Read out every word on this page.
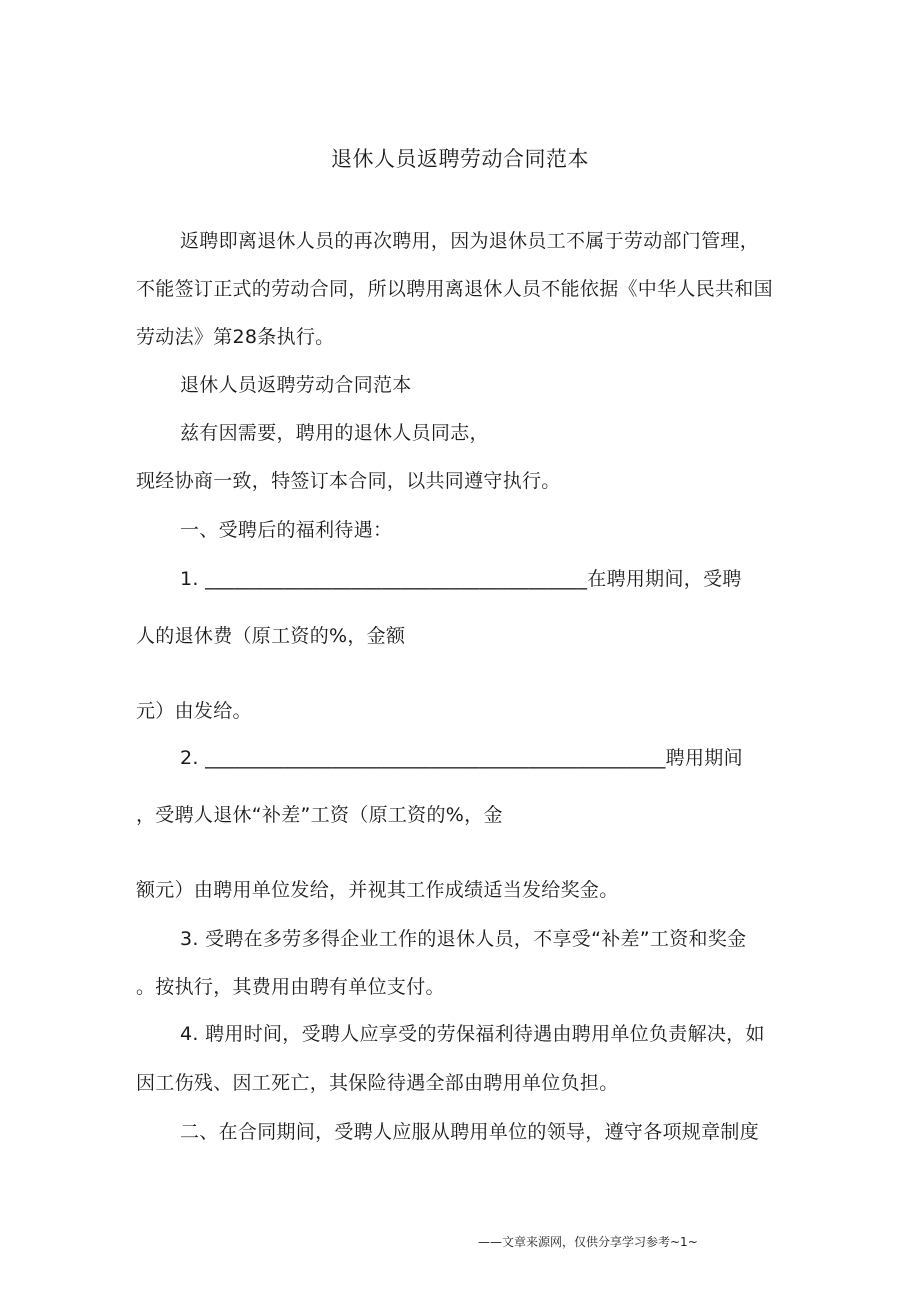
退休人员返聘劳动合同范本
返聘即离退休人员的再次聘用，因为退休员工不属于劳动部门管理，
不能签订正式的劳动合同，所以聘用离退休人员不能依据《中华人民共和国
劳动法》第28条执行。
退休人员返聘劳动合同范本
兹有因需要，聘用的退休人员同志，
现经协商一致，特签订本合同，以共同遵守执行。
一、受聘后的福利待遇：
1. _______________________________________在聘用期间，受聘
人的退休费（原工资的%，金额
元）由发给。
2. _______________________________________________聘用期间
，受聘人退休“补差”工资（原工资的%，金
额元）由聘用单位发给，并视其工作成绩适当发给奖金。
3. 受聘在多劳多得企业工作的退休人员，不享受“补差”工资和奖金
。按执行，其费用由聘有单位支付。
4. 聘用时间，受聘人应享受的劳保福利待遇由聘用单位负责解决，如
因工伤残、因工死亡，其保险待遇全部由聘用单位负担。
二、在合同期间，受聘人应服从聘用单位的领导，遵守各项规章制度
——文章来源网，仅供分享学习参考~1~
